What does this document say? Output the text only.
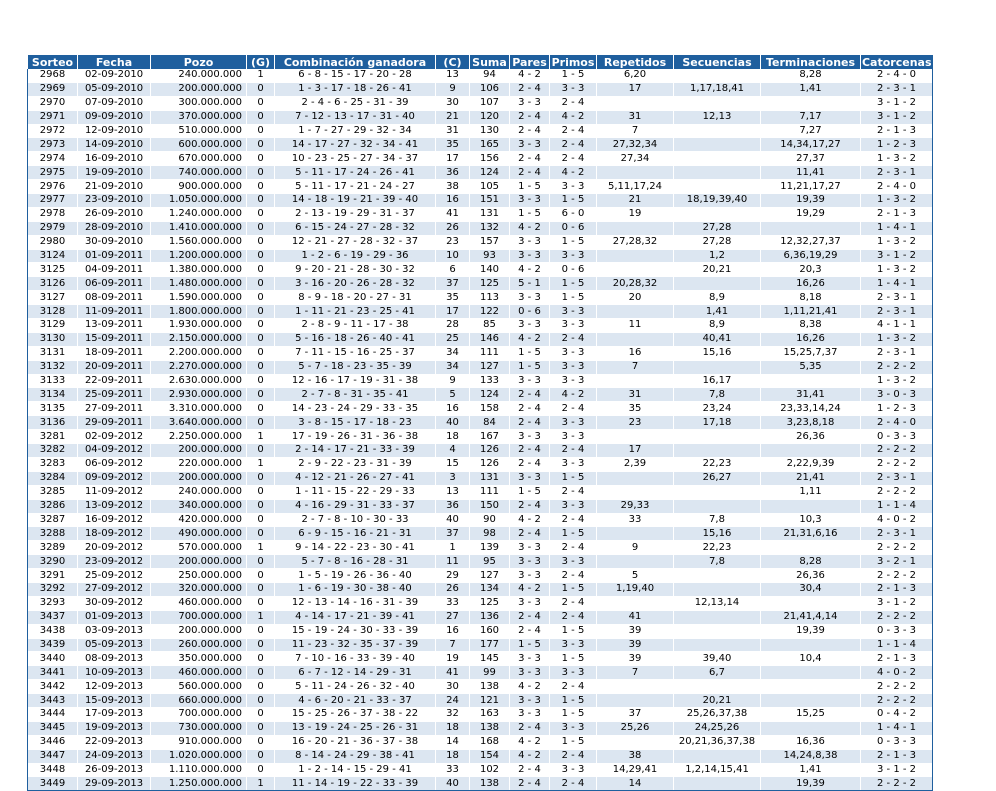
Sorteo	Fecha	Pozo	(G)	Combinación ganadora	(C)	Suma	Pares	Primos	Repetidos	Secuencias	Terminaciones	Catorcenas
2968	02-09-2010	240.000.000	1	6 - 8 - 15 - 17 - 20 - 28	13	94	4 - 2	1 - 5	6,20		8,28	2 - 4 - 0
2969	05-09-2010	200.000.000	0	1 - 3 - 17 - 18 - 26 - 41	9	106	2 - 4	3 - 3	17	1,17,18,41	1,41	2 - 3 - 1
2970	07-09-2010	300.000.000	0	2 - 4 - 6 - 25 - 31 - 39	30	107	3 - 3	2 - 4				3 - 1 - 2
2971	09-09-2010	370.000.000	0	7 - 12 - 13 - 17 - 31 - 40	21	120	2 - 4	4 - 2	31	12,13	7,17	3 - 1 - 2
2972	12-09-2010	510.000.000	0	1 - 7 - 27 - 29 - 32 - 34	31	130	2 - 4	2 - 4	7		7,27	2 - 1 - 3
2973	14-09-2010	600.000.000	0	14 - 17 - 27 - 32 - 34 - 41	35	165	3 - 3	2 - 4	27,32,34		14,34,17,27	1 - 2 - 3
2974	16-09-2010	670.000.000	0	10 - 23 - 25 - 27 - 34 - 37	17	156	2 - 4	2 - 4	27,34		27,37	1 - 3 - 2
2975	19-09-2010	740.000.000	0	5 - 11 - 17 - 24 - 26 - 41	36	124	2 - 4	4 - 2			11,41	2 - 3 - 1
2976	21-09-2010	900.000.000	0	5 - 11 - 17 - 21 - 24 - 27	38	105	1 - 5	3 - 3	5,11,17,24		11,21,17,27	2 - 4 - 0
2977	23-09-2010	1.050.000.000	0	14 - 18 - 19 - 21 - 39 - 40	16	151	3 - 3	1 - 5	21	18,19,39,40	19,39	1 - 3 - 2
2978	26-09-2010	1.240.000.000	0	2 - 13 - 19 - 29 - 31 - 37	41	131	1 - 5	6 - 0	19		19,29	2 - 1 - 3
2979	28-09-2010	1.410.000.000	0	6 - 15 - 24 - 27 - 28 - 32	26	132	4 - 2	0 - 6		27,28		1 - 4 - 1
2980	30-09-2010	1.560.000.000	0	12 - 21 - 27 - 28 - 32 - 37	23	157	3 - 3	1 - 5	27,28,32	27,28	12,32,27,37	1 - 3 - 2
3124	01-09-2011	1.200.000.000	0	1 - 2 - 6 - 19 - 29 - 36	10	93	3 - 3	3 - 3		1,2	6,36,19,29	3 - 1 - 2
3125	04-09-2011	1.380.000.000	0	9 - 20 - 21 - 28 - 30 - 32	6	140	4 - 2	0 - 6		20,21	20,3	1 - 3 - 2
3126	06-09-2011	1.480.000.000	0	3 - 16 - 20 - 26 - 28 - 32	37	125	5 - 1	1 - 5	20,28,32		16,26	1 - 4 - 1
3127	08-09-2011	1.590.000.000	0	8 - 9 - 18 - 20 - 27 - 31	35	113	3 - 3	1 - 5	20	8,9	8,18	2 - 3 - 1
3128	11-09-2011	1.800.000.000	0	1 - 11 - 21 - 23 - 25 - 41	17	122	0 - 6	3 - 3		1,41	1,11,21,41	2 - 3 - 1
3129	13-09-2011	1.930.000.000	0	2 - 8 - 9 - 11 - 17 - 38	28	85	3 - 3	3 - 3	11	8,9	8,38	4 - 1 - 1
3130	15-09-2011	2.150.000.000	0	5 - 16 - 18 - 26 - 40 - 41	25	146	4 - 2	2 - 4		40,41	16,26	1 - 3 - 2
3131	18-09-2011	2.200.000.000	0	7 - 11 - 15 - 16 - 25 - 37	34	111	1 - 5	3 - 3	16	15,16	15,25,7,37	2 - 3 - 1
3132	20-09-2011	2.270.000.000	0	5 - 7 - 18 - 23 - 35 - 39	34	127	1 - 5	3 - 3	7		5,35	2 - 2 - 2
3133	22-09-2011	2.630.000.000	0	12 - 16 - 17 - 19 - 31 - 38	9	133	3 - 3	3 - 3		16,17		1 - 3 - 2
3134	25-09-2011	2.930.000.000	0	2 - 7 - 8 - 31 - 35 - 41	5	124	2 - 4	4 - 2	31	7,8	31,41	3 - 0 - 3
3135	27-09-2011	3.310.000.000	0	14 - 23 - 24 - 29 - 33 - 35	16	158	2 - 4	2 - 4	35	23,24	23,33,14,24	1 - 2 - 3
3136	29-09-2011	3.640.000.000	0	3 - 8 - 15 - 17 - 18 - 23	40	84	2 - 4	3 - 3	23	17,18	3,23,8,18	2 - 4 - 0
3281	02-09-2012	2.250.000.000	1	17 - 19 - 26 - 31 - 36 - 38	18	167	3 - 3	3 - 3			26,36	0 - 3 - 3
3282	04-09-2012	200.000.000	0	2 - 14 - 17 - 21 - 33 - 39	4	126	2 - 4	2 - 4	17			2 - 2 - 2
3283	06-09-2012	220.000.000	1	2 - 9 - 22 - 23 - 31 - 39	15	126	2 - 4	3 - 3	2,39	22,23	2,22,9,39	2 - 2 - 2
3284	09-09-2012	200.000.000	0	4 - 12 - 21 - 26 - 27 - 41	3	131	3 - 3	1 - 5		26,27	21,41	2 - 3 - 1
3285	11-09-2012	240.000.000	0	1 - 11 - 15 - 22 - 29 - 33	13	111	1 - 5	2 - 4			1,11	2 - 2 - 2
3286	13-09-2012	340.000.000	0	4 - 16 - 29 - 31 - 33 - 37	36	150	2 - 4	3 - 3	29,33			1 - 1 - 4
3287	16-09-2012	420.000.000	0	2 - 7 - 8 - 10 - 30 - 33	40	90	4 - 2	2 - 4	33	7,8	10,3	4 - 0 - 2
3288	18-09-2012	490.000.000	0	6 - 9 - 15 - 16 - 21 - 31	37	98	2 - 4	1 - 5		15,16	21,31,6,16	2 - 3 - 1
3289	20-09-2012	570.000.000	1	9 - 14 - 22 - 23 - 30 - 41	1	139	3 - 3	2 - 4	9	22,23		2 - 2 - 2
3290	23-09-2012	200.000.000	0	5 - 7 - 8 - 16 - 28 - 31	11	95	3 - 3	3 - 3		7,8	8,28	3 - 2 - 1
3291	25-09-2012	250.000.000	0	1 - 5 - 19 - 26 - 36 - 40	29	127	3 - 3	2 - 4	5		26,36	2 - 2 - 2
3292	27-09-2012	320.000.000	0	1 - 6 - 19 - 30 - 38 - 40	26	134	4 - 2	1 - 5	1,19,40		30,4	2 - 1 - 3
3293	30-09-2012	460.000.000	0	12 - 13 - 14 - 16 - 31 - 39	33	125	3 - 3	2 - 4		12,13,14		3 - 1 - 2
3437	01-09-2013	700.000.000	1	4 - 14 - 17 - 21 - 39 - 41	27	136	2 - 4	2 - 4	41		21,41,4,14	2 - 2 - 2
3438	03-09-2013	200.000.000	0	15 - 19 - 24 - 30 - 33 - 39	16	160	2 - 4	1 - 5	39		19,39	0 - 3 - 3
3439	05-09-2013	260.000.000	0	11 - 23 - 32 - 35 - 37 - 39	7	177	1 - 5	3 - 3	39			1 - 1 - 4
3440	08-09-2013	350.000.000	0	7 - 10 - 16 - 33 - 39 - 40	19	145	3 - 3	1 - 5	39	39,40	10,4	2 - 1 - 3
3441	10-09-2013	460.000.000	0	6 - 7 - 12 - 14 - 29 - 31	41	99	3 - 3	3 - 3	7	6,7		4 - 0 - 2
3442	12-09-2013	560.000.000	0	5 - 11 - 24 - 26 - 32 - 40	30	138	4 - 2	2 - 4				2 - 2 - 2
3443	15-09-2013	660.000.000	0	4 - 6 - 20 - 21 - 33 - 37	24	121	3 - 3	1 - 5		20,21		2 - 2 - 2
3444	17-09-2013	700.000.000	0	15 - 25 - 26 - 37 - 38 - 22	32	163	3 - 3	1 - 5	37	25,26,37,38	15,25	0 - 4 - 2
3445	19-09-2013	730.000.000	0	13 - 19 - 24 - 25 - 26 - 31	18	138	2 - 4	3 - 3	25,26	24,25,26		1 - 4 - 1
3446	22-09-2013	910.000.000	0	16 - 20 - 21 - 36 - 37 - 38	14	168	4 - 2	1 - 5		20,21,36,37,38	16,36	0 - 3 - 3
3447	24-09-2013	1.020.000.000	0	8 - 14 - 24 - 29 - 38 - 41	18	154	4 - 2	2 - 4	38		14,24,8,38	2 - 1 - 3
3448	26-09-2013	1.110.000.000	0	1 - 2 - 14 - 15 - 29 - 41	33	102	2 - 4	3 - 3	14,29,41	1,2,14,15,41	1,41	3 - 1 - 2
3449	29-09-2013	1.250.000.000	1	11 - 14 - 19 - 22 - 33 - 39	40	138	2 - 4	2 - 4	14		19,39	2 - 2 - 2
